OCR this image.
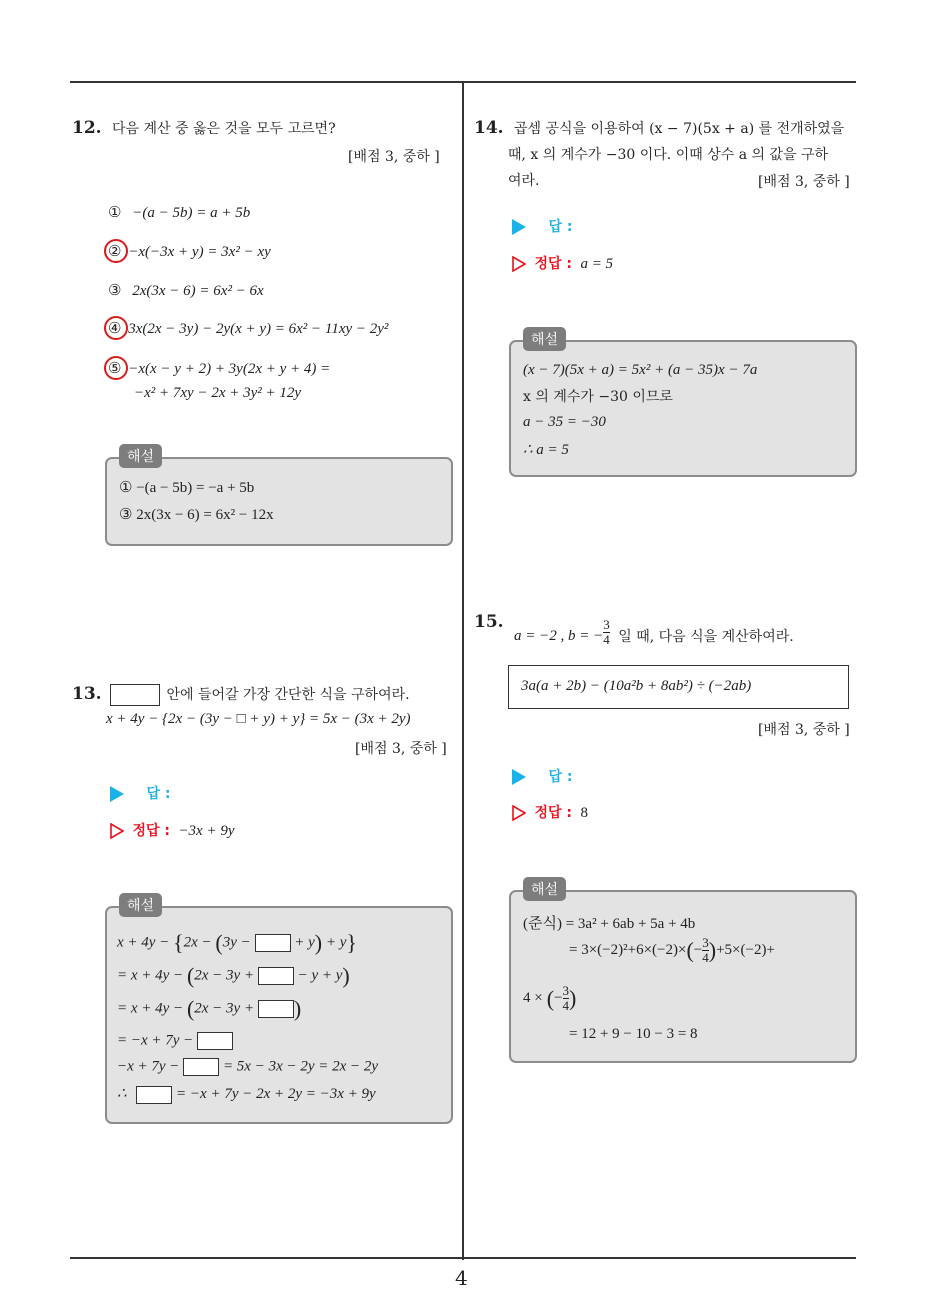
4
12. 다음 계산 중 옳은 것을 모두 고르면?
[배점 3, 중하 ]
① −(a − 5b) = a + 5b
② −x(−3x + y) = 3x² − xy
③ 2x(3x − 6) = 6x² − 6x
④ 3x(2x − 3y) − 2y(x + y) = 6x² − 11xy − 2y²
⑤ −x(x − y + 2) + 3y(2x + y + 4) =
−x² + 7xy − 2x + 3y² + 12y
① −(a − 5b) = −a + 5b
③ 2x(3x − 6) = 6x² − 12x
해설
13.	안에 들어갈 가장 간단한 식을 구하여라.
x + 4y − {2x − (3y − □ + y) + y} = 5x − (3x + 2y)
[배점 3, 중하 ]
답 :
정답 : −3x + 9y
x + 4y − {2x − (3y −  + y) + y}
= x + 4y − (2x − 3y +  − y + y)
= x + 4y − (2x − 3y + )
= −x + 7y −
−x + 7y −  = 5x − 3x − 2y = 2x − 2y
∴	= −x + 7y − 2x + 2y = −3x + 9y
해설
14. 곱셈 공식을 이용하여 (x − 7)(5x + a) 를 전개하였을
때, x 의 계수가 −30 이다. 이때 상수 a 의 값을 구하
여라.	[배점 3, 중하 ]
답 :
정답 : a = 5
(x − 7)(5x + a) = 5x² + (a − 35)x − 7a
x 의 계수가 −30 이므로
a − 35 = −30
∴ a = 5
해설
15. a = −2 , b = − $\frac{3}{4}$ 일 때, 다음 식을 계산하여라.
3a(a + 2b) − (10a²b + 8ab²) ÷ (−2ab)
[배점 3, 중하 ]
답 :
정답 : 8
(준식) = 3a² + 6ab + 5a + 4b
= $3\times(-2)^2+6\times(-2)\times(- \frac{3}{4} )+5\times(-2)+$
4 × (− $\frac{3}{4}$ )
= 12 + 9 − 10 − 3 = 8
해설
